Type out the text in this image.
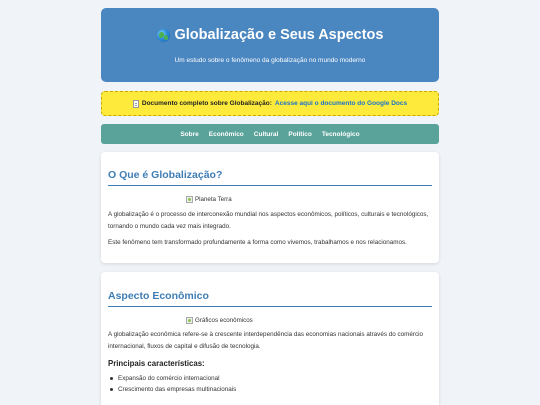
Globalização e Seus Aspectos

Um estudo sobre o fenômeno da globalização no mundo moderno

Documento completo sobre Globalização: Acesse aqui o documento do Google Docs
Sobre Econômico Cultural Político Tecnológico
O Que é Globalização?
Planeta Terra

A globalização é o processo de interconexão mundial nos aspectos econômicos, políticos, culturais e tecnológicos, tornando o mundo cada vez mais integrado.

Este fenômeno tem transformado profundamente a forma como vivemos, trabalhamos e nos relacionamos.

Aspecto Econômico
Gráficos econômicos

A globalização econômica refere-se à crescente interdependência das economias nacionais através do comércio internacional, fluxos de capital e difusão de tecnologia.

Principais características:
Expansão do comércio internacional
Crescimento das empresas multinacionais
